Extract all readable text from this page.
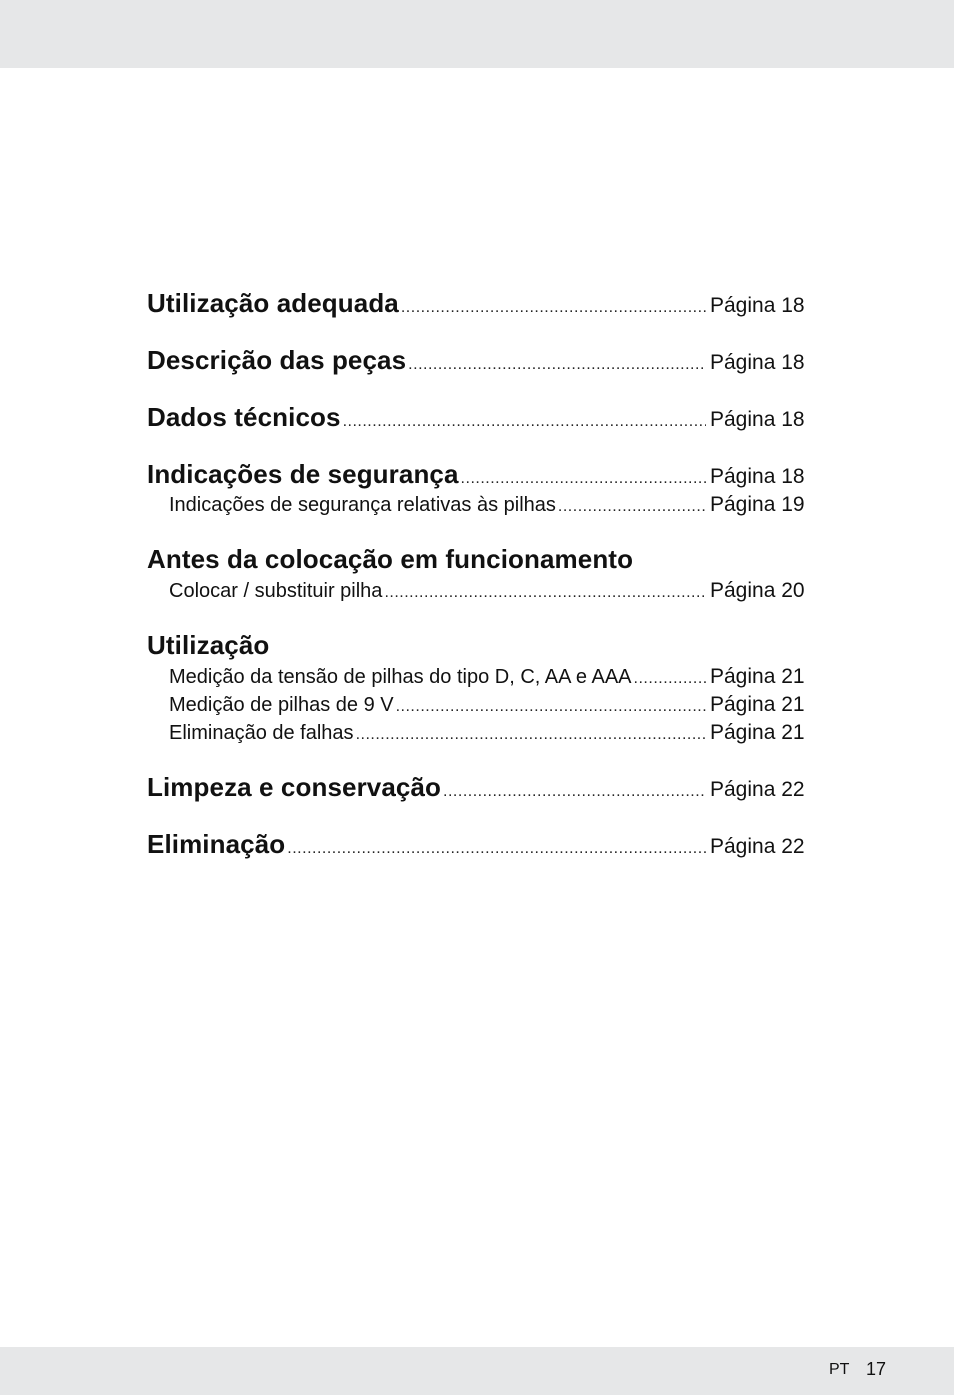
Utilização adequada .....	Página 18
Descrição das peças .....	Página 18
Dados técnicos .....	Página 18
Indicações de segurança .....	Página 18
Indicações de segurança relativas às pilhas .....	Página 19
Antes da colocação em funcionamento
Colocar / substituir pilha .....	Página 20
Utilização
Medição da tensão de pilhas do tipo D, C, AA e AAA .....	Página 21
Medição de pilhas de 9 V .....	Página 21
Eliminação de falhas .....	Página 21
Limpeza e conservação .....	Página 22
Eliminação .....	Página 22
PT 17
